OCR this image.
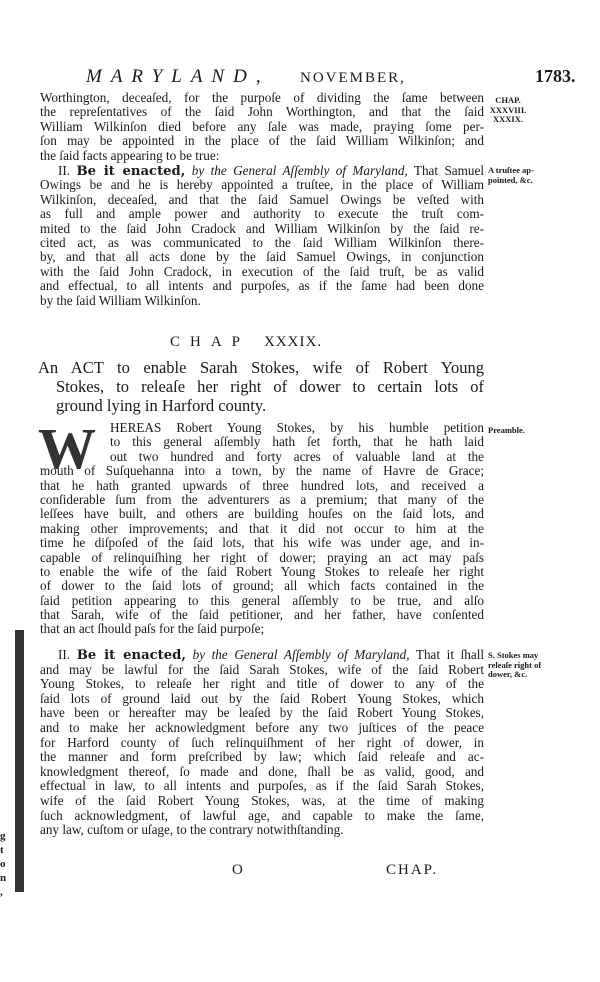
MARYLAND, NOVEMBER,	1783.
CHAP.
XXXVIII.
XXXIX.
Worthington, deceaſed, for the purpoſe of dividing the ſame between
the repreſentatives of the ſaid John Worthington, and that the ſaid
William Wilkinſon died before any ſale was made, praying ſome per-
ſon may be appointed in the place of the ſaid William Wilkinſon; and
the ſaid facts appearing to be true:
A truſtee ap-
pointed, &c.
II. Be it enacted, by the General Aſſembly of Maryland, That Samuel
Owings be and he is hereby appointed a truſtee, in the place of William
Wilkinſon, deceaſed, and that the ſaid Samuel Owings be veſted with
as full and ample power and authority to execute the truſt com-
mited to the ſaid John Cradock and William Wilkinſon by the ſaid re-
cited act, as was communicated to the ſaid William Wilkinſon there-
by, and that all acts done by the ſaid Samuel Owings, in conjunction
with the ſaid John Cradock, in execution of the ſaid truſt, be as valid
and effectual, to all intents and purpoſes, as if the ſame had been done
by the ſaid William Wilkinſon.
CHAP XXXIX.
An ACT to enable Sarah Stokes, wife of Robert Young
Stokes, to releaſe her right of dower to certain lots of
ground lying in Harford county.
W	Preamble.
HEREAS Robert Young Stokes, by his humble petition
to this general aſſembly hath ſet forth, that he hath laid
out two hundred and forty acres of valuable land at the
mouth of Suſquehanna into a town, by the name of Havre de Grace;
that he hath granted upwards of three hundred lots, and received a
conſiderable ſum from the adventurers as a premium; that many of the
leſſees have built, and others are building houſes on the ſaid lots, and
making other improvements; and that it did not occur to him at the
time he diſpoſed of the ſaid lots, that his wife was under age, and in-
capable of relinquiſhing her right of dower; praying an act may paſs
to enable the wife of the ſaid Robert Young Stokes to releaſe her right
of dower to the ſaid lots of ground; all which facts contained in the
ſaid petition appearing to this general aſſembly to be true, and alſo
that Sarah, wife of the ſaid petitioner, and her father, have conſented
that an act ſhould paſs for the ſaid purpoſe;
S. Stokes may
releaſe right of
dower, &c.
II. Be it enacted, by the General Aſſembly of Maryland, That it ſhall
and may be lawful for the ſaid Sarah Stokes, wife of the ſaid Robert
Young Stokes, to releaſe her right and title of dower to any of the
ſaid lots of ground laid out by the ſaid Robert Young Stokes, which
have been or hereafter may be leaſed by the ſaid Robert Young Stokes,
and to make her acknowledgment before any two juſtices of the peace
for Harford county of ſuch relinquiſhment of her right of dower, in
the manner and form preſcribed by law; which ſaid releaſe and ac-
knowledgment thereof, ſo made and done, ſhall be as valid, good, and
effectual in law, to all intents and purpoſes, as if the ſaid Sarah Stokes,
wife of the ſaid Robert Young Stokes, was, at the time of making
ſuch acknowledgment, of lawful age, and capable to make the ſame,
any law, cuſtom or uſage, to the contrary notwithſtanding.
O	CHAP.
g
t
o
n
,
